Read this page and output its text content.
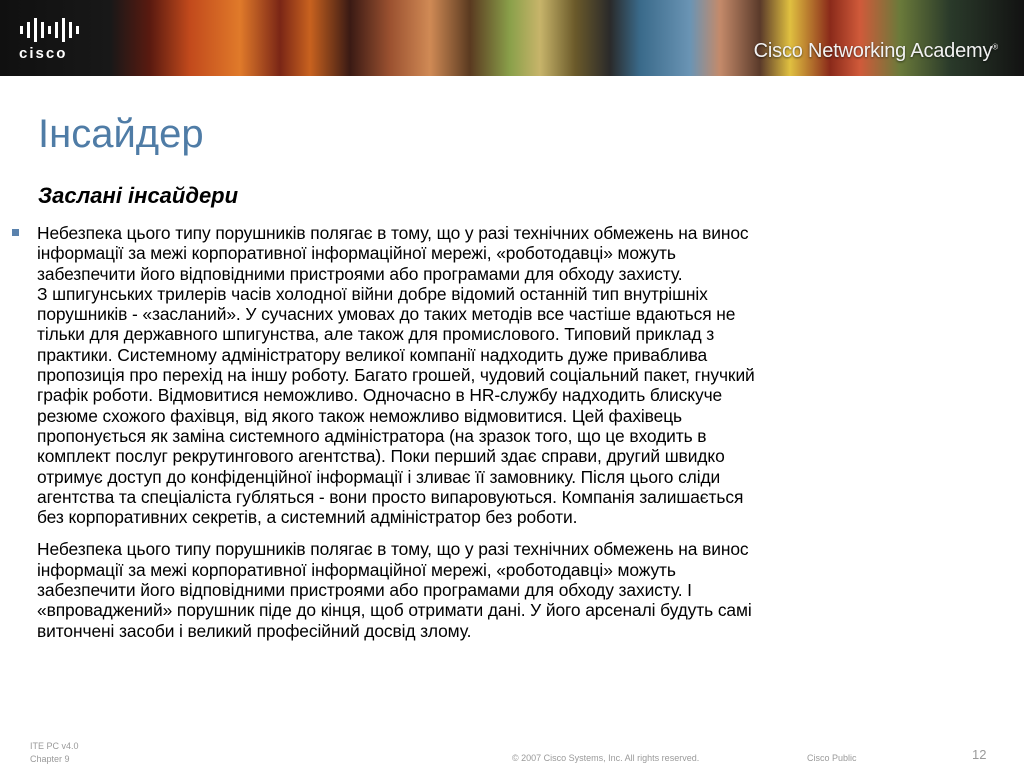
cisco	Cisco Networking Academy®
Інсайдер
Заслані інсайдери

Небезпека цього типу порушників полягає в тому, що у разі технічних обмежень на винос
інформації за межі корпоративної інформаційної мережі, «роботодавці» можуть
забезпечити його відповідними пристроями або програмами для обходу захисту.
З шпигунських трилерів часів холодної війни добре відомий останній тип внутрішніх
порушників - «засланий». У сучасних умовах до таких методів все частіше вдаються не
тільки для державного шпигунства, але також для промислового. Типовий приклад з
практики. Системному адміністратору великої компанії надходить дуже приваблива
пропозиція про перехід на іншу роботу. Багато грошей, чудовий соціальний пакет, гнучкий
графік роботи. Відмовитися неможливо. Одночасно в HR-службу надходить блискуче
резюме схожого фахівця, від якого також неможливо відмовитися. Цей фахівець
пропонується як заміна системного адміністратора (на зразок того, що це входить в
комплект послуг рекрутингового агентства). Поки перший здає справи, другий швидко
отримує доступ до конфіденційної інформації і зливає її замовнику. Після цього сліди
агентства та спеціаліста губляться - вони просто випаровуються. Компанія залишається
без корпоративних секретів, а системний адміністратор без роботи.

Небезпека цього типу порушників полягає в тому, що у разі технічних обмежень на винос
інформації за межі корпоративної інформаційної мережі, «роботодавці» можуть
забезпечити його відповідними пристроями або програмами для обходу захисту. І
«впроваджений» порушник піде до кінця, щоб отримати дані. У його арсеналі будуть самі
витончені засоби і великий професійний досвід злому.

ITE PC v4.0
Chapter 9	© 2007 Cisco Systems, Inc. All rights reserved.	Cisco Public	12
